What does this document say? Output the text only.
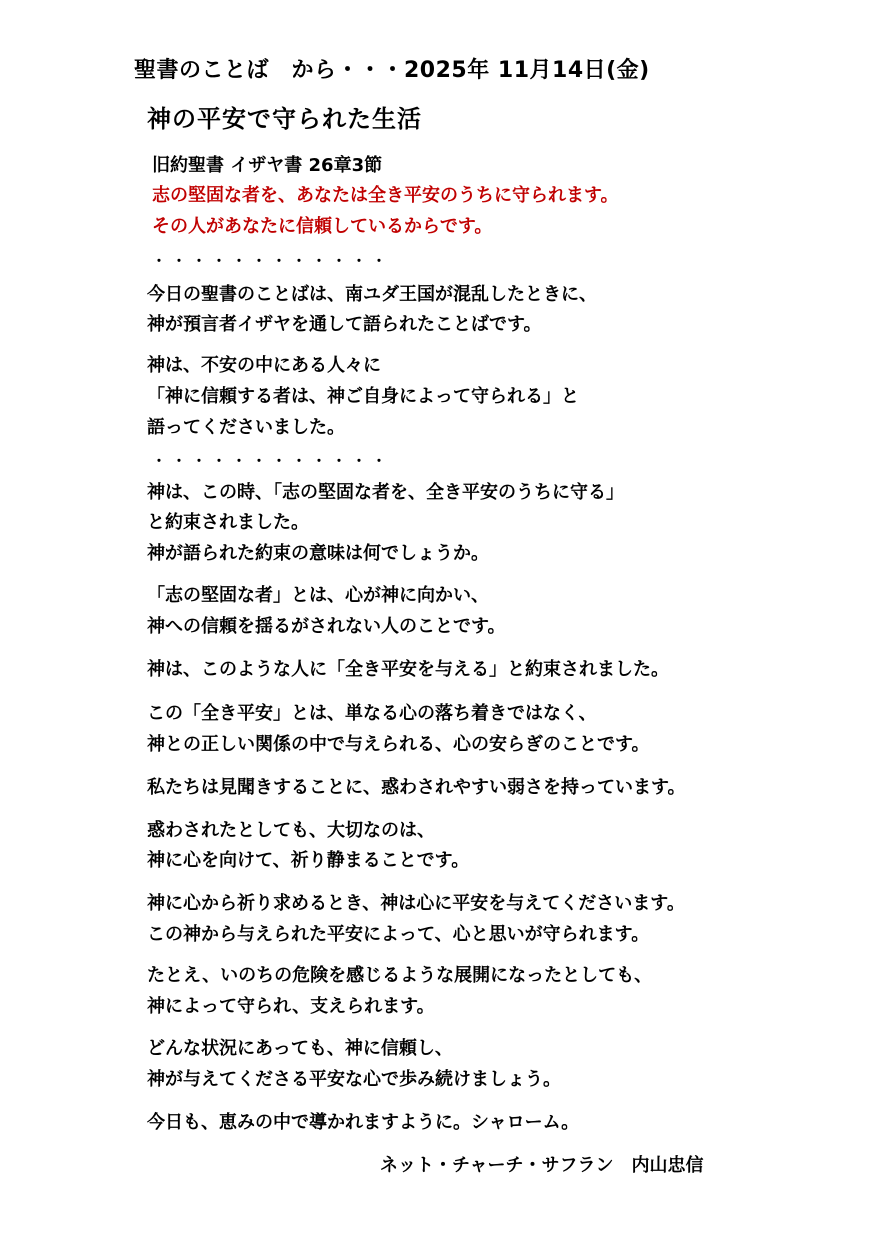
聖書のことば　から・・・2025年 11月14日(金)
神の平安で守られた生活
旧約聖書 イザヤ書 26章3節
志の堅固な者を、あなたは全き平安のうちに守られます。
その人があなたに信頼しているからです。
・・・・・・・・・・・・
今日の聖書のことばは、南ユダ王国が混乱したときに、
神が預言者イザヤを通して語られたことばです。
神は、不安の中にある人々に
「神に信頼する者は、神ご自身によって守られる」と
語ってくださいました。
・・・・・・・・・・・・
神は、この時、「志の堅固な者を、全き平安のうちに守る」
と約束されました。
神が語られた約束の意味は何でしょうか。
「志の堅固な者」とは、心が神に向かい、
神への信頼を揺るがされない人のことです。
神は、このような人に「全き平安を与える」と約束されました。
この「全き平安」とは、単なる心の落ち着きではなく、
神との正しい関係の中で与えられる、心の安らぎのことです。
私たちは見聞きすることに、惑わされやすい弱さを持っています。
惑わされたとしても、大切なのは、
神に心を向けて、祈り静まることです。
神に心から祈り求めるとき、神は心に平安を与えてくださいます。
この神から与えられた平安によって、心と思いが守られます。
たとえ、いのちの危険を感じるような展開になったとしても、
神によって守られ、支えられます。
どんな状況にあっても、神に信頼し、
神が与えてくださる平安な心で歩み続けましょう。
今日も、恵みの中で導かれますように。シャローム。
ネット・チャーチ・サフラン　内山忠信
